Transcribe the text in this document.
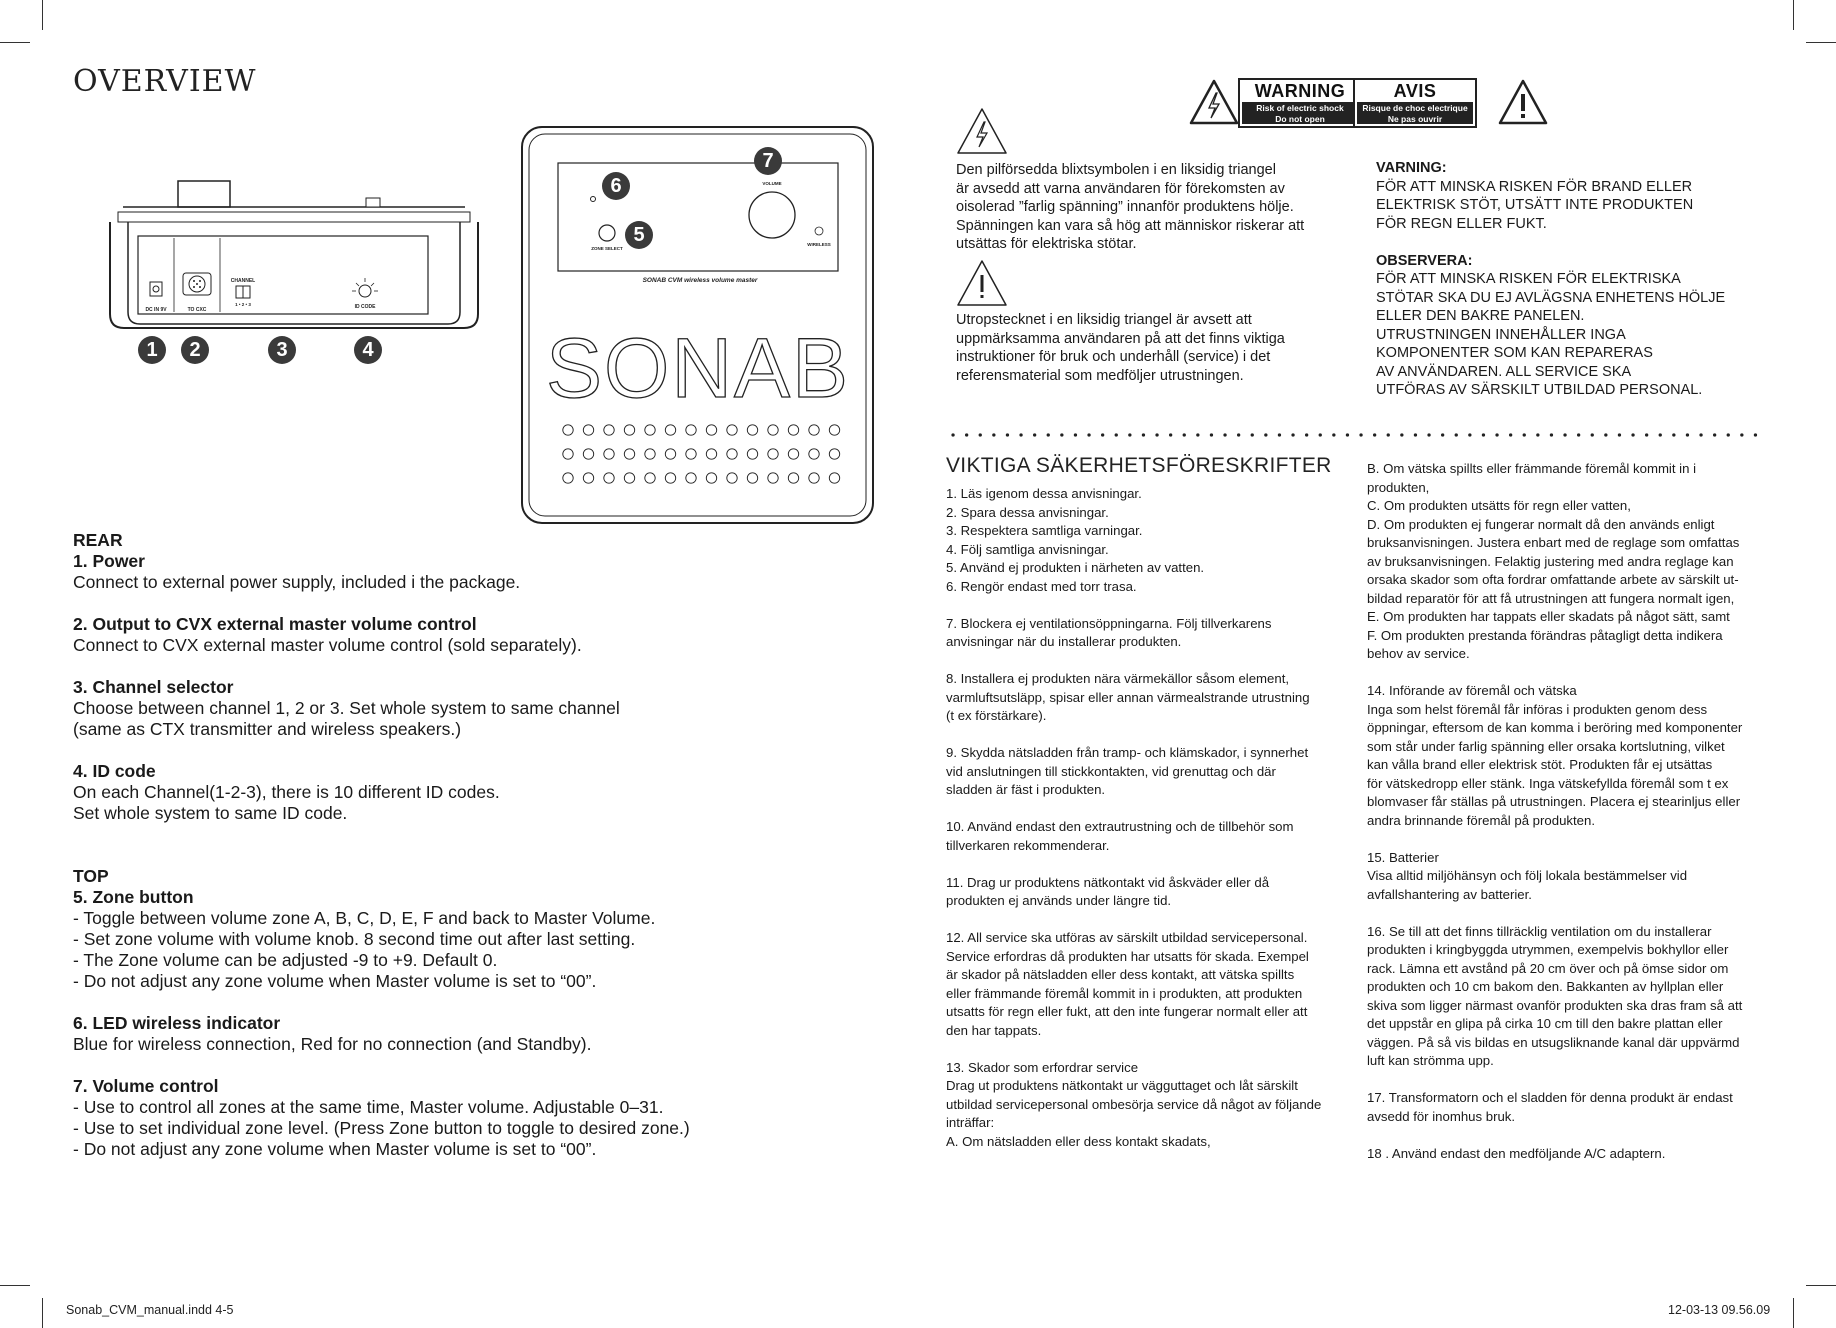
OVERVIEW
DC IN 9V	TO CXC
CHANNEL
1 • 2 • 3	ID CODE
1	2	3	4
ZONE SELECT
VOLUME
WIRELESS
SONAB CVM wireless volume master
SONAB
5
6
7
REAR
1. Power
Connect to external power supply, included i the package.
2. Output to CVX external master volume control
Connect to CVX external master volume control (sold separately).
3. Channel selector
Choose between channel 1, 2 or 3. Set whole system to same channel
(same as CTX transmitter and wireless speakers.)
4. ID code
On each Channel(1-2-3), there is 10 different ID codes.
Set whole system to same ID code.
TOP
5. Zone button
- Toggle between volume zone A, B, C, D, E, F and back to Master Volume.
- Set zone volume with volume knob. 8 second time out after last setting.
- The Zone volume can be adjusted -9 to +9. Default 0.
- Do not adjust any zone volume when Master volume is set to “00”.
6. LED wireless indicator
Blue for wireless connection, Red for no connection (and Standby).
7. Volume control
- Use to control all zones at the same time, Master volume. Adjustable 0–31.
- Use to set individual zone level. (Press Zone button to toggle to desired zone.)
- Do not adjust any zone volume when Master volume is set to “00”.
WARNING
Risk of electric shock
Do not open
AVIS
Risque de choc electrique
Ne pas ouvrir
Den pilförsedda blixtsymbolen i en liksidig triangel
är avsedd att varna användaren för förekomsten av
oisolerad ”farlig spänning” innanför produktens hölje.
Spänningen kan vara så hög att människor riskerar att
utsättas för elektriska stötar.
Utropstecknet i en liksidig triangel är avsett att
uppmärksamma användaren på att det finns viktiga
instruktioner för bruk och underhåll (service) i det
referensmaterial som medföljer utrustningen.
VARNING:
FÖR ATT MINSKA RISKEN FÖR BRAND ELLER
ELEKTRISK STÖT, UTSÄTT INTE PRODUKTEN
FÖR REGN ELLER FUKT.
OBSERVERA:
FÖR ATT MINSKA RISKEN FÖR ELEKTRISKA
STÖTAR SKA DU EJ AVLÄGSNA ENHETENS HÖLJE
ELLER DEN BAKRE PANELEN.
UTRUSTNINGEN INNEHÅLLER INGA
KOMPONENTER SOM KAN REPARERAS
AV ANVÄNDAREN. ALL SERVICE SKA
UTFÖRAS AV SÄRSKILT UTBILDAD PERSONAL.
VIKTIGA SÄKERHETSFÖRESKRIFTER
1. Läs igenom dessa anvisningar.
2. Spara dessa anvisningar.
3. Respektera samtliga varningar.
4. Följ samtliga anvisningar.
5. Använd ej produkten i närheten av vatten.
6. Rengör endast med torr trasa.
7. Blockera ej ventilationsöppningarna. Följ tillverkarens
anvisningar när du installerar produkten.
8. Installera ej produkten nära värmekällor såsom element,
varmluftsutsläpp, spisar eller annan värmealstrande utrustning
(t ex förstärkare).
9. Skydda nätsladden från tramp- och klämskador, i synnerhet
vid anslutningen till stickkontakten, vid grenuttag och där
sladden är fäst i produkten.
10. Använd endast den extrautrustning och de tillbehör som
tillverkaren rekommenderar.
11. Drag ur produktens nätkontakt vid åskväder eller då
produkten ej används under längre tid.
12. All service ska utföras av särskilt utbildad servicepersonal.
Service erfordras då produkten har utsatts för skada. Exempel
är skador på nätsladden eller dess kontakt, att vätska spillts
eller främmande föremål kommit in i produkten, att produkten
utsatts för regn eller fukt, att den inte fungerar normalt eller att
den har tappats.
13. Skador som erfordrar service
Drag ut produktens nätkontakt ur vägguttaget och låt särskilt
utbildad servicepersonal ombesörja service då något av följande
inträffar:
A. Om nätsladden eller dess kontakt skadats,
B. Om vätska spillts eller främmande föremål kommit in i
produkten,
C. Om produkten utsätts för regn eller vatten,
D. Om produkten ej fungerar normalt då den används enligt
bruksanvisningen. Justera enbart med de reglage som omfattas
av bruksanvisningen. Felaktig justering med andra reglage kan
orsaka skador som ofta fordrar omfattande arbete av särskilt ut-
bildad reparatör för att få utrustningen att fungera normalt igen,
E. Om produkten har tappats eller skadats på något sätt, samt
F. Om produkten prestanda förändras påtagligt detta indikera
behov av service.
14. Införande av föremål och vätska
Inga som helst föremål får införas i produkten genom dess
öppningar, eftersom de kan komma i beröring med komponenter
som står under farlig spänning eller orsaka kortslutning, vilket
kan vålla brand eller elektrisk stöt. Produkten får ej utsättas
för vätskedropp eller stänk. Inga vätskefyllda föremål som t ex
blomvaser får ställas på utrustningen. Placera ej stearinljus eller
andra brinnande föremål på produkten.
15. Batterier
Visa alltid miljöhänsyn och följ lokala bestämmelser vid
avfallshantering av batterier.
16. Se till att det finns tillräcklig ventilation om du installerar
produkten i kringbyggda utrymmen, exempelvis bokhyllor eller
rack. Lämna ett avstånd på 20 cm över och på ömse sidor om
produkten och 10 cm bakom den. Bakkanten av hyllplan eller
skiva som ligger närmast ovanför produkten ska dras fram så att
det uppstår en glipa på cirka 10 cm till den bakre plattan eller
väggen. På så vis bildas en utsugsliknande kanal där uppvärmd
luft kan strömma upp.
17. Transformatorn och el sladden för denna produkt är endast
avsedd för inomhus bruk.
18 . Använd endast den medföljande A/C adaptern.
Sonab_CVM_manual.indd 4-5	12-03-13 09.56.09
